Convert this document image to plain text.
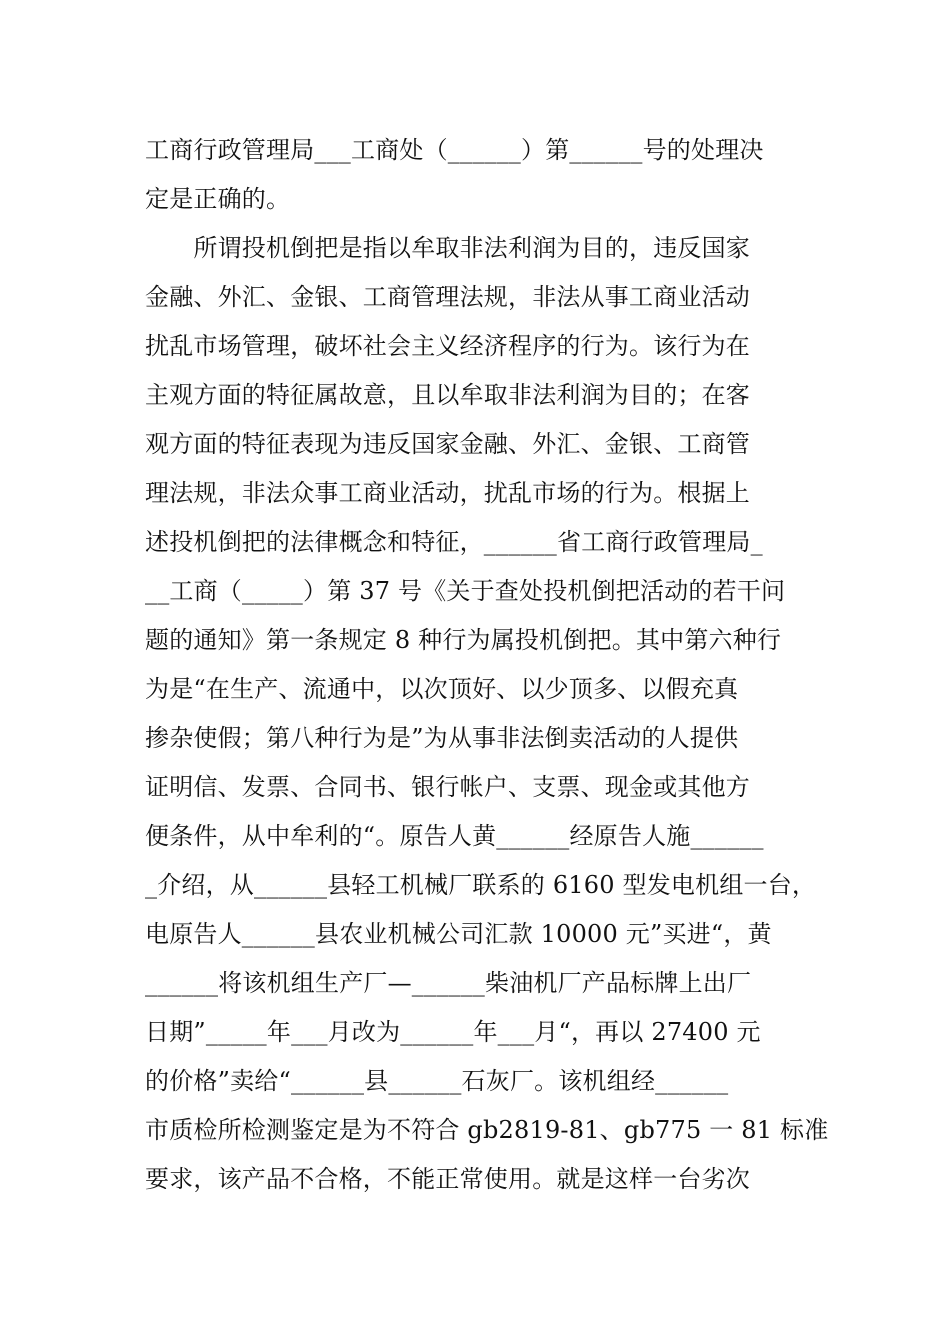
工商行政管理局___工商处（______）第______号的处理决
定是正确的。
　　所谓投机倒把是指以牟取非法利润为目的，违反国家
金融、外汇、金银、工商管理法规，非法从事工商业活动
扰乱市场管理，破坏社会主义经济程序的行为。该行为在
主观方面的特征属故意，且以牟取非法利润为目的；在客
观方面的特征表现为违反国家金融、外汇、金银、工商管
理法规，非法众事工商业活动，扰乱市场的行为。根据上
述投机倒把的法律概念和特征，______省工商行政管理局_
__工商（_____）第 37 号《关于查处投机倒把活动的若干问
题的通知》第一条规定 8 种行为属投机倒把。其中第六种行
为是“在生产、流通中，以次顶好、以少顶多、以假充真
掺杂使假；第八种行为是”为从事非法倒卖活动的人提供
证明信、发票、合同书、银行帐户、支票、现金或其他方
便条件，从中牟利的“。原告人黄______经原告人施______
_介绍，从______县轻工机械厂联系的 6160 型发电机组一台，
电原告人______县农业机械公司汇款 10000 元”买进“，黄
______将该机组生产厂—______柴油机厂产品标牌上出厂
日期”_____年___月改为______年___月“，再以 27400 元
的价格”卖给“______县______石灰厂。该机组经______
市质检所检测鉴定是为不符合 gb2819-81、gb775 一 81 标准
要求，该产品不合格，不能正常使用。就是这样一台劣次
